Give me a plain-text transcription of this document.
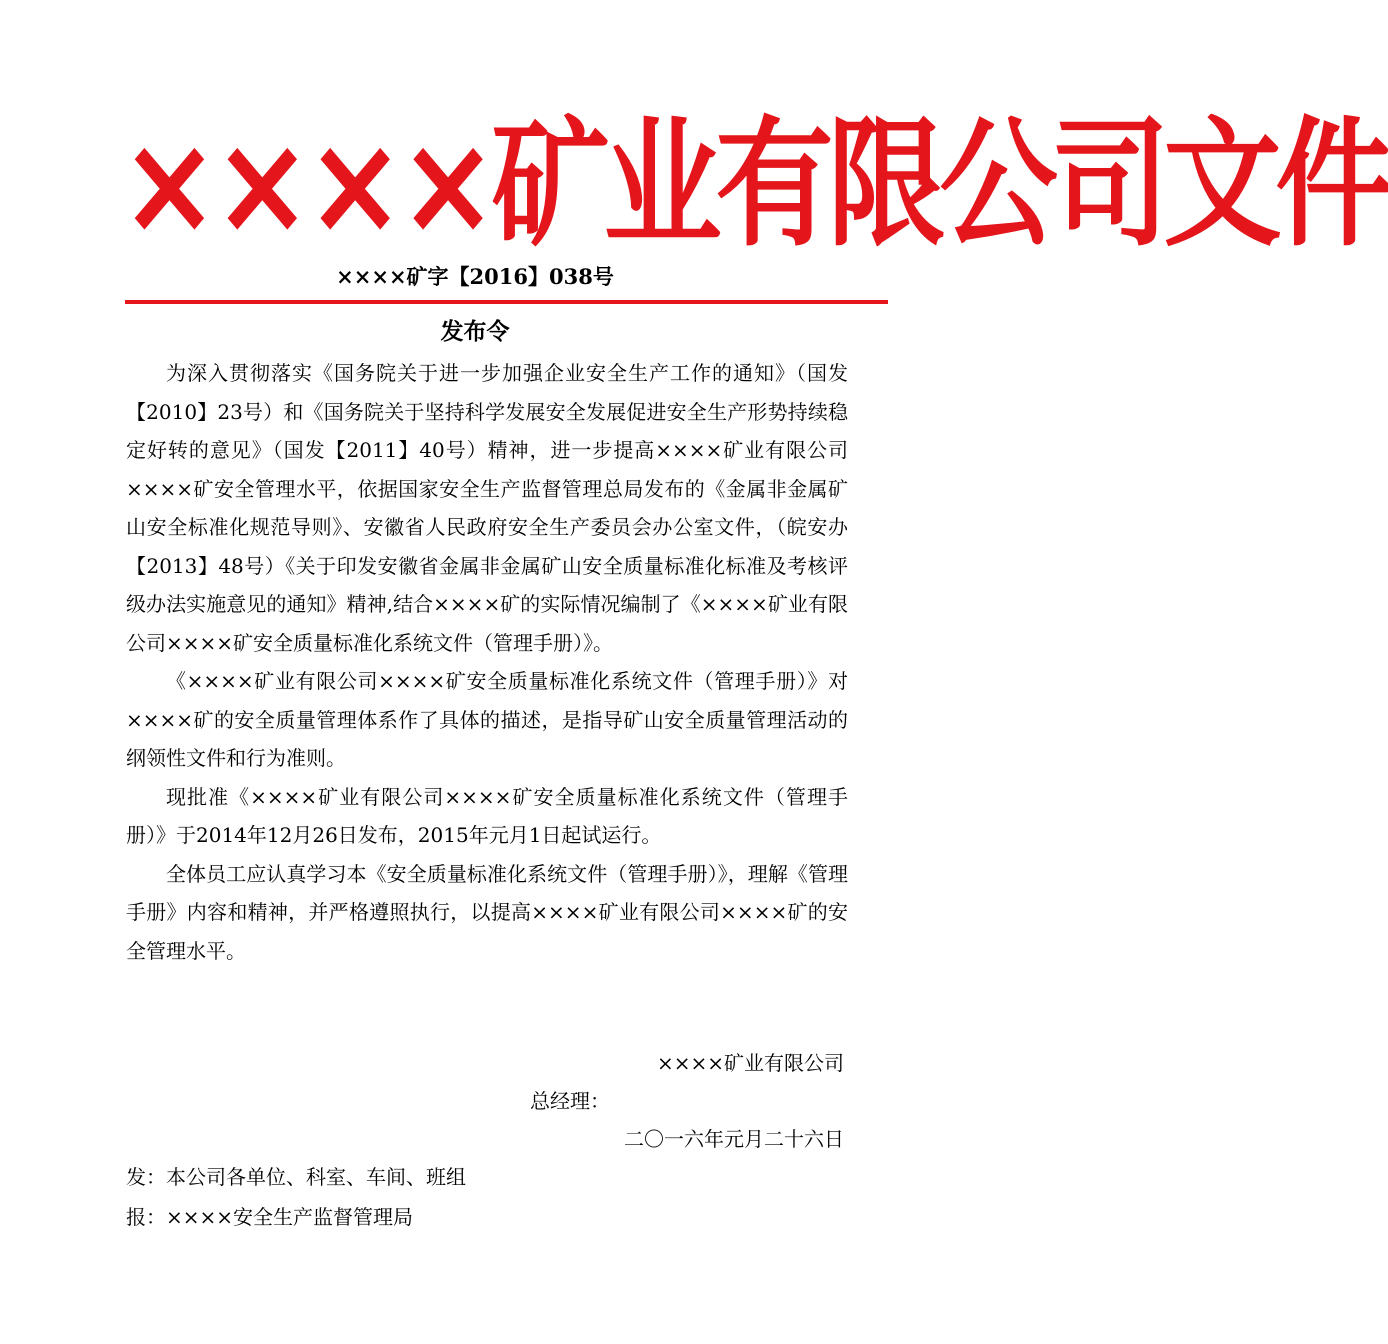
××××矿业有限公司文件
××××矿字【2016】038号
发布令

为深入贯彻落实《国务院关于进一步加强企业安全生产工作的通知》（国发【2010】23号）和《国务院关于坚持科学发展安全发展促进安全生产形势持续稳定好转的意见》（国发【2011】40号）精神，进一步提高××××矿业有限公司××××矿安全管理水平，依据国家安全生产监督管理总局发布的《金属非金属矿山安全标准化规范导则》、安徽省人民政府安全生产委员会办公室文件，（皖安办【2013】48号）《关于印发安徽省金属非金属矿山安全质量标准化标准及考核评级办法实施意见的通知》精神,结合××××矿的实际情况编制了《××××矿业有限公司××××矿安全质量标准化系统文件（管理手册）》。

《××××矿业有限公司××××矿安全质量标准化系统文件（管理手册）》对××××矿的安全质量管理体系作了具体的描述，是指导矿山安全质量管理活动的纲领性文件和行为准则。

现批准《××××矿业有限公司××××矿安全质量标准化系统文件（管理手册）》于2014年12月26日发布，2015年元月1日起试运行。

全体员工应认真学习本《安全质量标准化系统文件（管理手册）》，理解《管理手册》内容和精神，并严格遵照执行，以提高××××矿业有限公司××××矿的安全管理水平。

××××矿业有限公司
总经理：
二〇一六年元月二十六日
发：本公司各单位、科室、车间、班组
报：××××安全生产监督管理局
